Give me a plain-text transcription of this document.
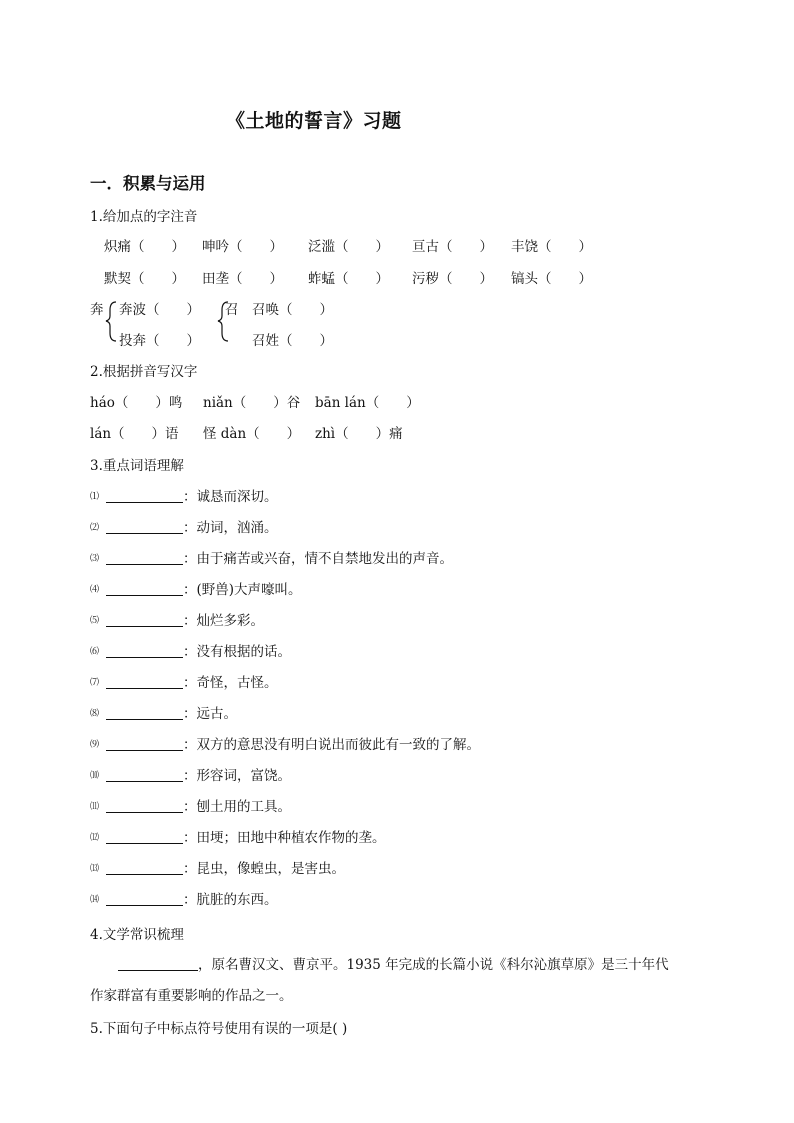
《土地的誓言》习题
一．积累与运用
1.给加点的字注音
炽痛（　　） 呻吟（　　） 泛滥（　　） 亘古（　　） 丰饶（　　）
默契（　　） 田垄（　　） 蚱蜢（　　） 污秽（　　） 镐头（　　）
奔 奔波（　　）
投奔（　　）
召 召唤（　　）
召姓（　　）
2.根据拼音写汉字
háo（　　）鸣 niǎn（　　）谷 bān lán（　　）
lán（　　）语 怪 dàn（　　） zhì（　　）痛
3.重点词语理解
⑴	：诚恳而深切。
⑵	：动词，汹涌。
⑶	：由于痛苦或兴奋，情不自禁地发出的声音。
⑷	：(野兽)大声嚎叫。
⑸	：灿烂多彩。
⑹	：没有根据的话。
⑺	：奇怪，古怪。
⑻	：远古。
⑼	：双方的意思没有明白说出而彼此有一致的了解。
⑽	：形容词，富饶。
⑾	：刨土用的工具。
⑿	：田埂；田地中种植农作物的垄。
⒀	：昆虫，像蝗虫，是害虫。
⒁	：肮脏的东西。
4.文学常识梳理
，原名曹汉文、曹京平。1935 年完成的长篇小说《科尔沁旗草原》是三十年代
作家群富有重要影响的作品之一。
5.下面句子中标点符号使用有误的一项是( )
